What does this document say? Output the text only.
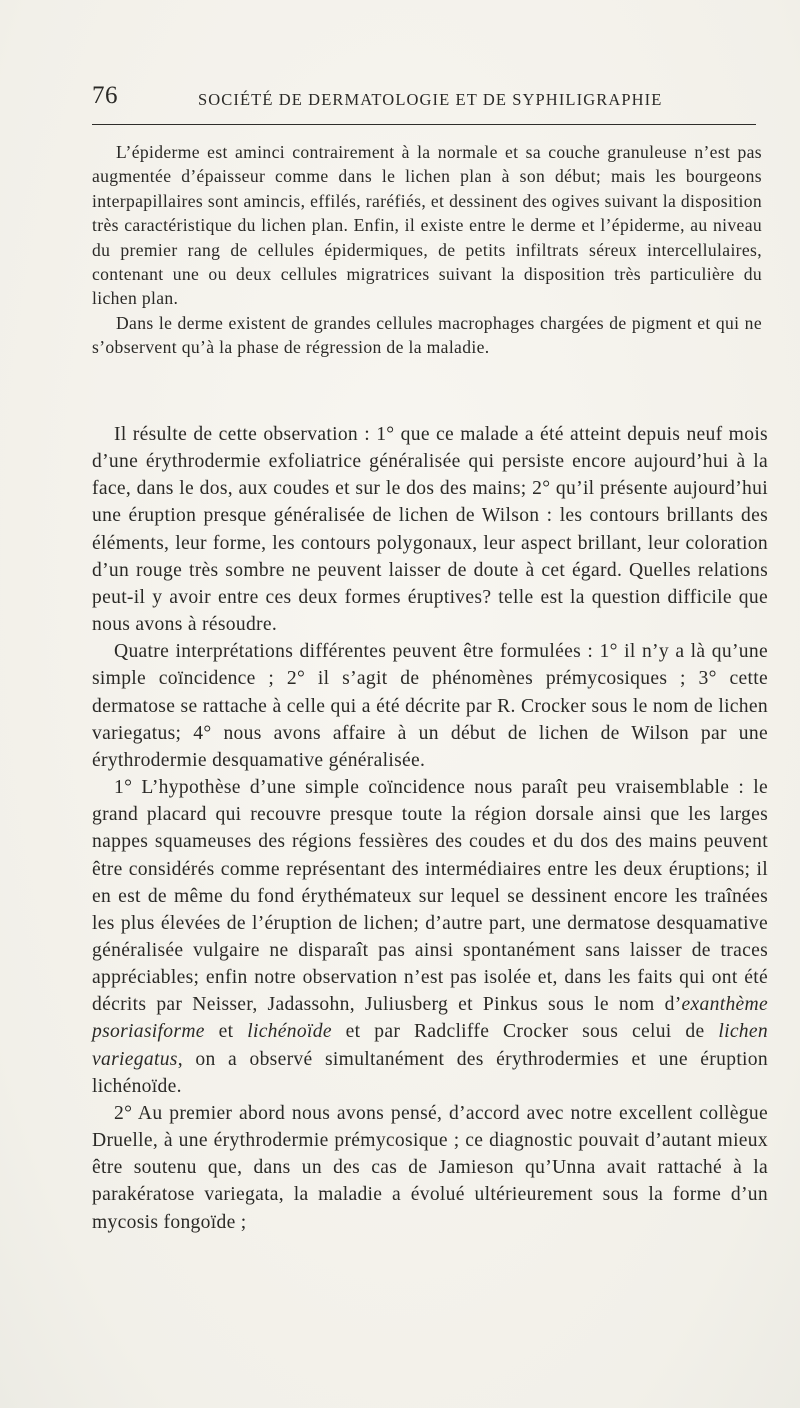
76	SOCIÉTÉ DE DERMATOLOGIE ET DE SYPHILIGRAPHIE

L’épiderme est aminci contrairement à la normale et sa couche granuleuse n’est pas augmentée d’épaisseur comme dans le lichen plan à son début; mais les bourgeons interpapillaires sont amincis, effilés, raréfiés, et dessinent des ogives suivant la disposition très caractéristique du lichen plan. Enfin, il existe entre le derme et l’épiderme, au niveau du premier rang de cellules épidermiques, de petits infiltrats séreux intercellulaires, contenant une ou deux cellules migratrices suivant la disposition très particulière du lichen plan.

Dans le derme existent de grandes cellules macrophages chargées de pigment et qui ne s’observent qu’à la phase de régression de la maladie.

Il résulte de cette observation : 1° que ce malade a été atteint depuis neuf mois d’une érythrodermie exfoliatrice généralisée qui persiste encore aujourd’hui à la face, dans le dos, aux coudes et sur le dos des mains; 2° qu’il présente aujourd’hui une éruption presque généralisée de lichen de Wilson : les contours brillants des éléments, leur forme, les contours polygonaux, leur aspect brillant, leur coloration d’un rouge très sombre ne peuvent laisser de doute à cet égard. Quelles relations peut-il y avoir entre ces deux formes éruptives? telle est la question difficile que nous avons à résoudre.

Quatre interprétations différentes peuvent être formulées : 1° il n’y a là qu’une simple coïncidence ; 2° il s’agit de phénomènes prémycosiques ; 3° cette dermatose se rattache à celle qui a été décrite par R. Crocker sous le nom de lichen variegatus; 4° nous avons affaire à un début de lichen de Wilson par une érythrodermie desquamative généralisée.

1° L’hypothèse d’une simple coïncidence nous paraît peu vraisemblable : le grand placard qui recouvre presque toute la région dorsale ainsi que les larges nappes squameuses des régions fessières des coudes et du dos des mains peuvent être considérés comme représentant des intermédiaires entre les deux éruptions; il en est de même du fond érythémateux sur lequel se dessinent encore les traînées les plus élevées de l’éruption de lichen; d’autre part, une dermatose desquamative généralisée vulgaire ne disparaît pas ainsi spontanément sans laisser de traces appréciables; enfin notre observation n’est pas isolée et, dans les faits qui ont été décrits par Neisser, Jadassohn, Juliusberg et Pinkus sous le nom d’exanthème psoriasiforme et lichénoïde et par Radcliffe Crocker sous celui de lichen variegatus, on a observé simultanément des érythrodermies et une éruption lichénoïde.

2° Au premier abord nous avons pensé, d’accord avec notre excellent collègue Druelle, à une érythrodermie prémycosique ; ce diagnostic pouvait d’autant mieux être soutenu que, dans un des cas de Jamieson qu’Unna avait rattaché à la parakératose variegata, la maladie a évolué ultérieurement sous la forme d’un mycosis fongoïde ;
